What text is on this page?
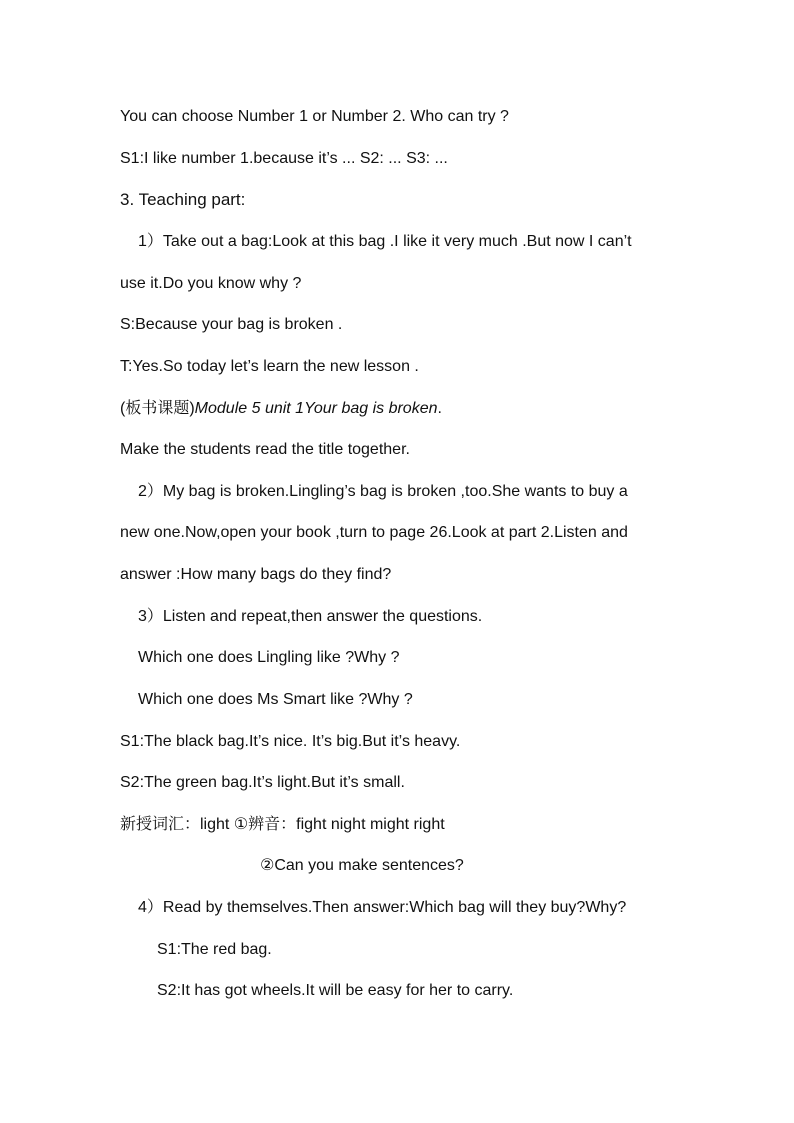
You can choose Number 1 or Number 2. Who can try ?
S1:I like number 1.because it’s ... S2: ... S3: ...
3. Teaching part:
1）Take out a bag:Look at this bag .I like it very much .But now I can’t
use it.Do you know why ?
S:Because your bag is broken .
T:Yes.So today let’s learn the new lesson .
(板书课题)Module 5 unit 1Your bag is broken.
Make the students read the title together.
2）My bag is broken.Lingling’s bag is broken ,too.She wants to buy a
new one.Now,open your book ,turn to page 26.Look at part 2.Listen and
answer :How many bags do they find?
3）Listen and repeat,then answer the questions.
Which one does Lingling like ?Why ?
Which one does Ms Smart like ?Why ?
S1:The black bag.It’s nice. It’s big.But it’s heavy.
S2:The green bag.It’s light.But it’s small.
新授词汇：light ①辨音：fight night might right
②Can you make sentences?
4）Read by themselves.Then answer:Which bag will they buy?Why?
S1:The red bag.
S2:It has got wheels.It will be easy for her to carry.
